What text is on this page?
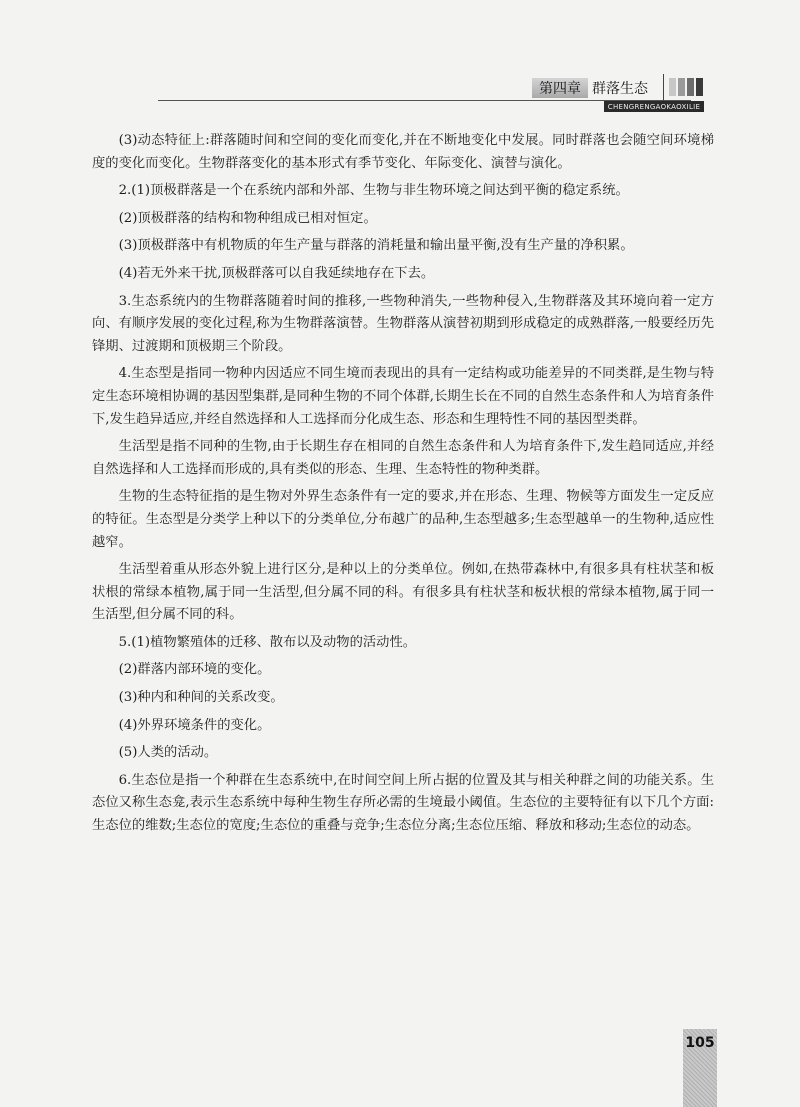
第四章 群落生态
CHENGRENGAOKAOXILIE

(3)动态特征上:群落随时间和空间的变化而变化,并在不断地变化中发展。同时群落也会随空间环境梯度的变化而变化。生物群落变化的基本形式有季节变化、年际变化、演替与演化。

2.(1)顶极群落是一个在系统内部和外部、生物与非生物环境之间达到平衡的稳定系统。

(2)顶极群落的结构和物种组成已相对恒定。

(3)顶极群落中有机物质的年生产量与群落的消耗量和输出量平衡,没有生产量的净积累。

(4)若无外来干扰,顶极群落可以自我延续地存在下去。

3.生态系统内的生物群落随着时间的推移,一些物种消失,一些物种侵入,生物群落及其环境向着一定方向、有顺序发展的变化过程,称为生物群落演替。生物群落从演替初期到形成稳定的成熟群落,一般要经历先锋期、过渡期和顶极期三个阶段。

4.生态型是指同一物种内因适应不同生境而表现出的具有一定结构或功能差异的不同类群,是生物与特定生态环境相协调的基因型集群,是同种生物的不同个体群,长期生长在不同的自然生态条件和人为培育条件下,发生趋异适应,并经自然选择和人工选择而分化成生态、形态和生理特性不同的基因型类群。

生活型是指不同种的生物,由于长期生存在相同的自然生态条件和人为培育条件下,发生趋同适应,并经自然选择和人工选择而形成的,具有类似的形态、生理、生态特性的物种类群。

生物的生态特征指的是生物对外界生态条件有一定的要求,并在形态、生理、物候等方面发生一定反应的特征。生态型是分类学上种以下的分类单位,分布越广的品种,生态型越多;生态型越单一的生物种,适应性越窄。

生活型着重从形态外貌上进行区分,是种以上的分类单位。例如,在热带森林中,有很多具有柱状茎和板状根的常绿本植物,属于同一生活型,但分属不同的科。有很多具有柱状茎和板状根的常绿本植物,属于同一生活型,但分属不同的科。

5.(1)植物繁殖体的迁移、散布以及动物的活动性。

(2)群落内部环境的变化。

(3)种内和种间的关系改变。

(4)外界环境条件的变化。

(5)人类的活动。

6.生态位是指一个种群在生态系统中,在时间空间上所占据的位置及其与相关种群之间的功能关系。生态位又称生态龛,表示生态系统中每种生物生存所必需的生境最小阈值。生态位的主要特征有以下几个方面:生态位的维数;生态位的宽度;生态位的重叠与竞争;生态位分离;生态位压缩、释放和移动;生态位的动态。

105
